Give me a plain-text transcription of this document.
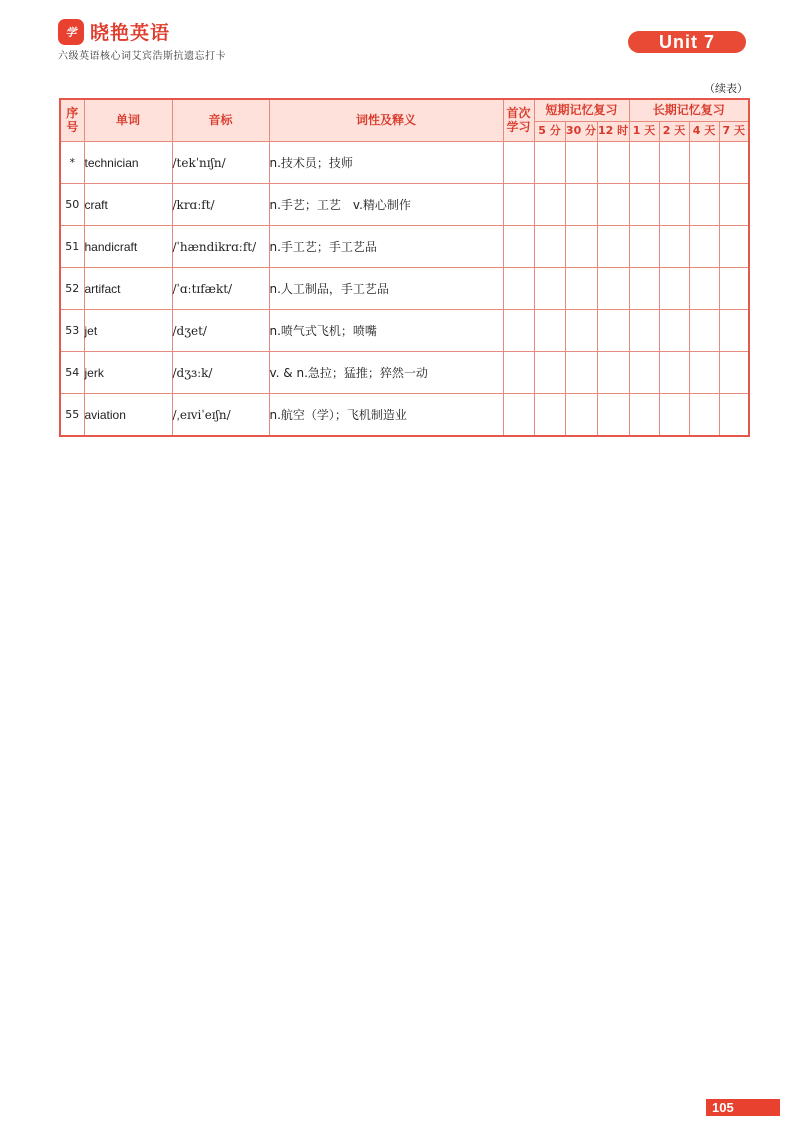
学 晓艳英语
六级英语核心词艾宾浩斯抗遗忘打卡
Unit 7
（续表）
序号	单词	音标	词性及释义	首次学习	短期记忆复习			长期记忆复习			
					5 分	30 分	12 时	1 天	2 天	4 天	7 天
*	technician	/tekˈnɪʃn/	n.技术员；技师								
50	craft	/krɑːft/	n.手艺；工艺　v.精心制作								
51	handicraft	/ˈhændikrɑːft/	n.手工艺；手工艺品								
52	artifact	/ˈɑːtɪfækt/	n.人工制品，手工艺品								
53	jet	/dʒet/	n.喷气式飞机；喷嘴								
54	jerk	/dʒɜːk/	v. & n.急拉；猛推；猝然一动								
55	aviation	/ˌeɪviˈeɪʃn/	n.航空（学）；飞机制造业								
105
